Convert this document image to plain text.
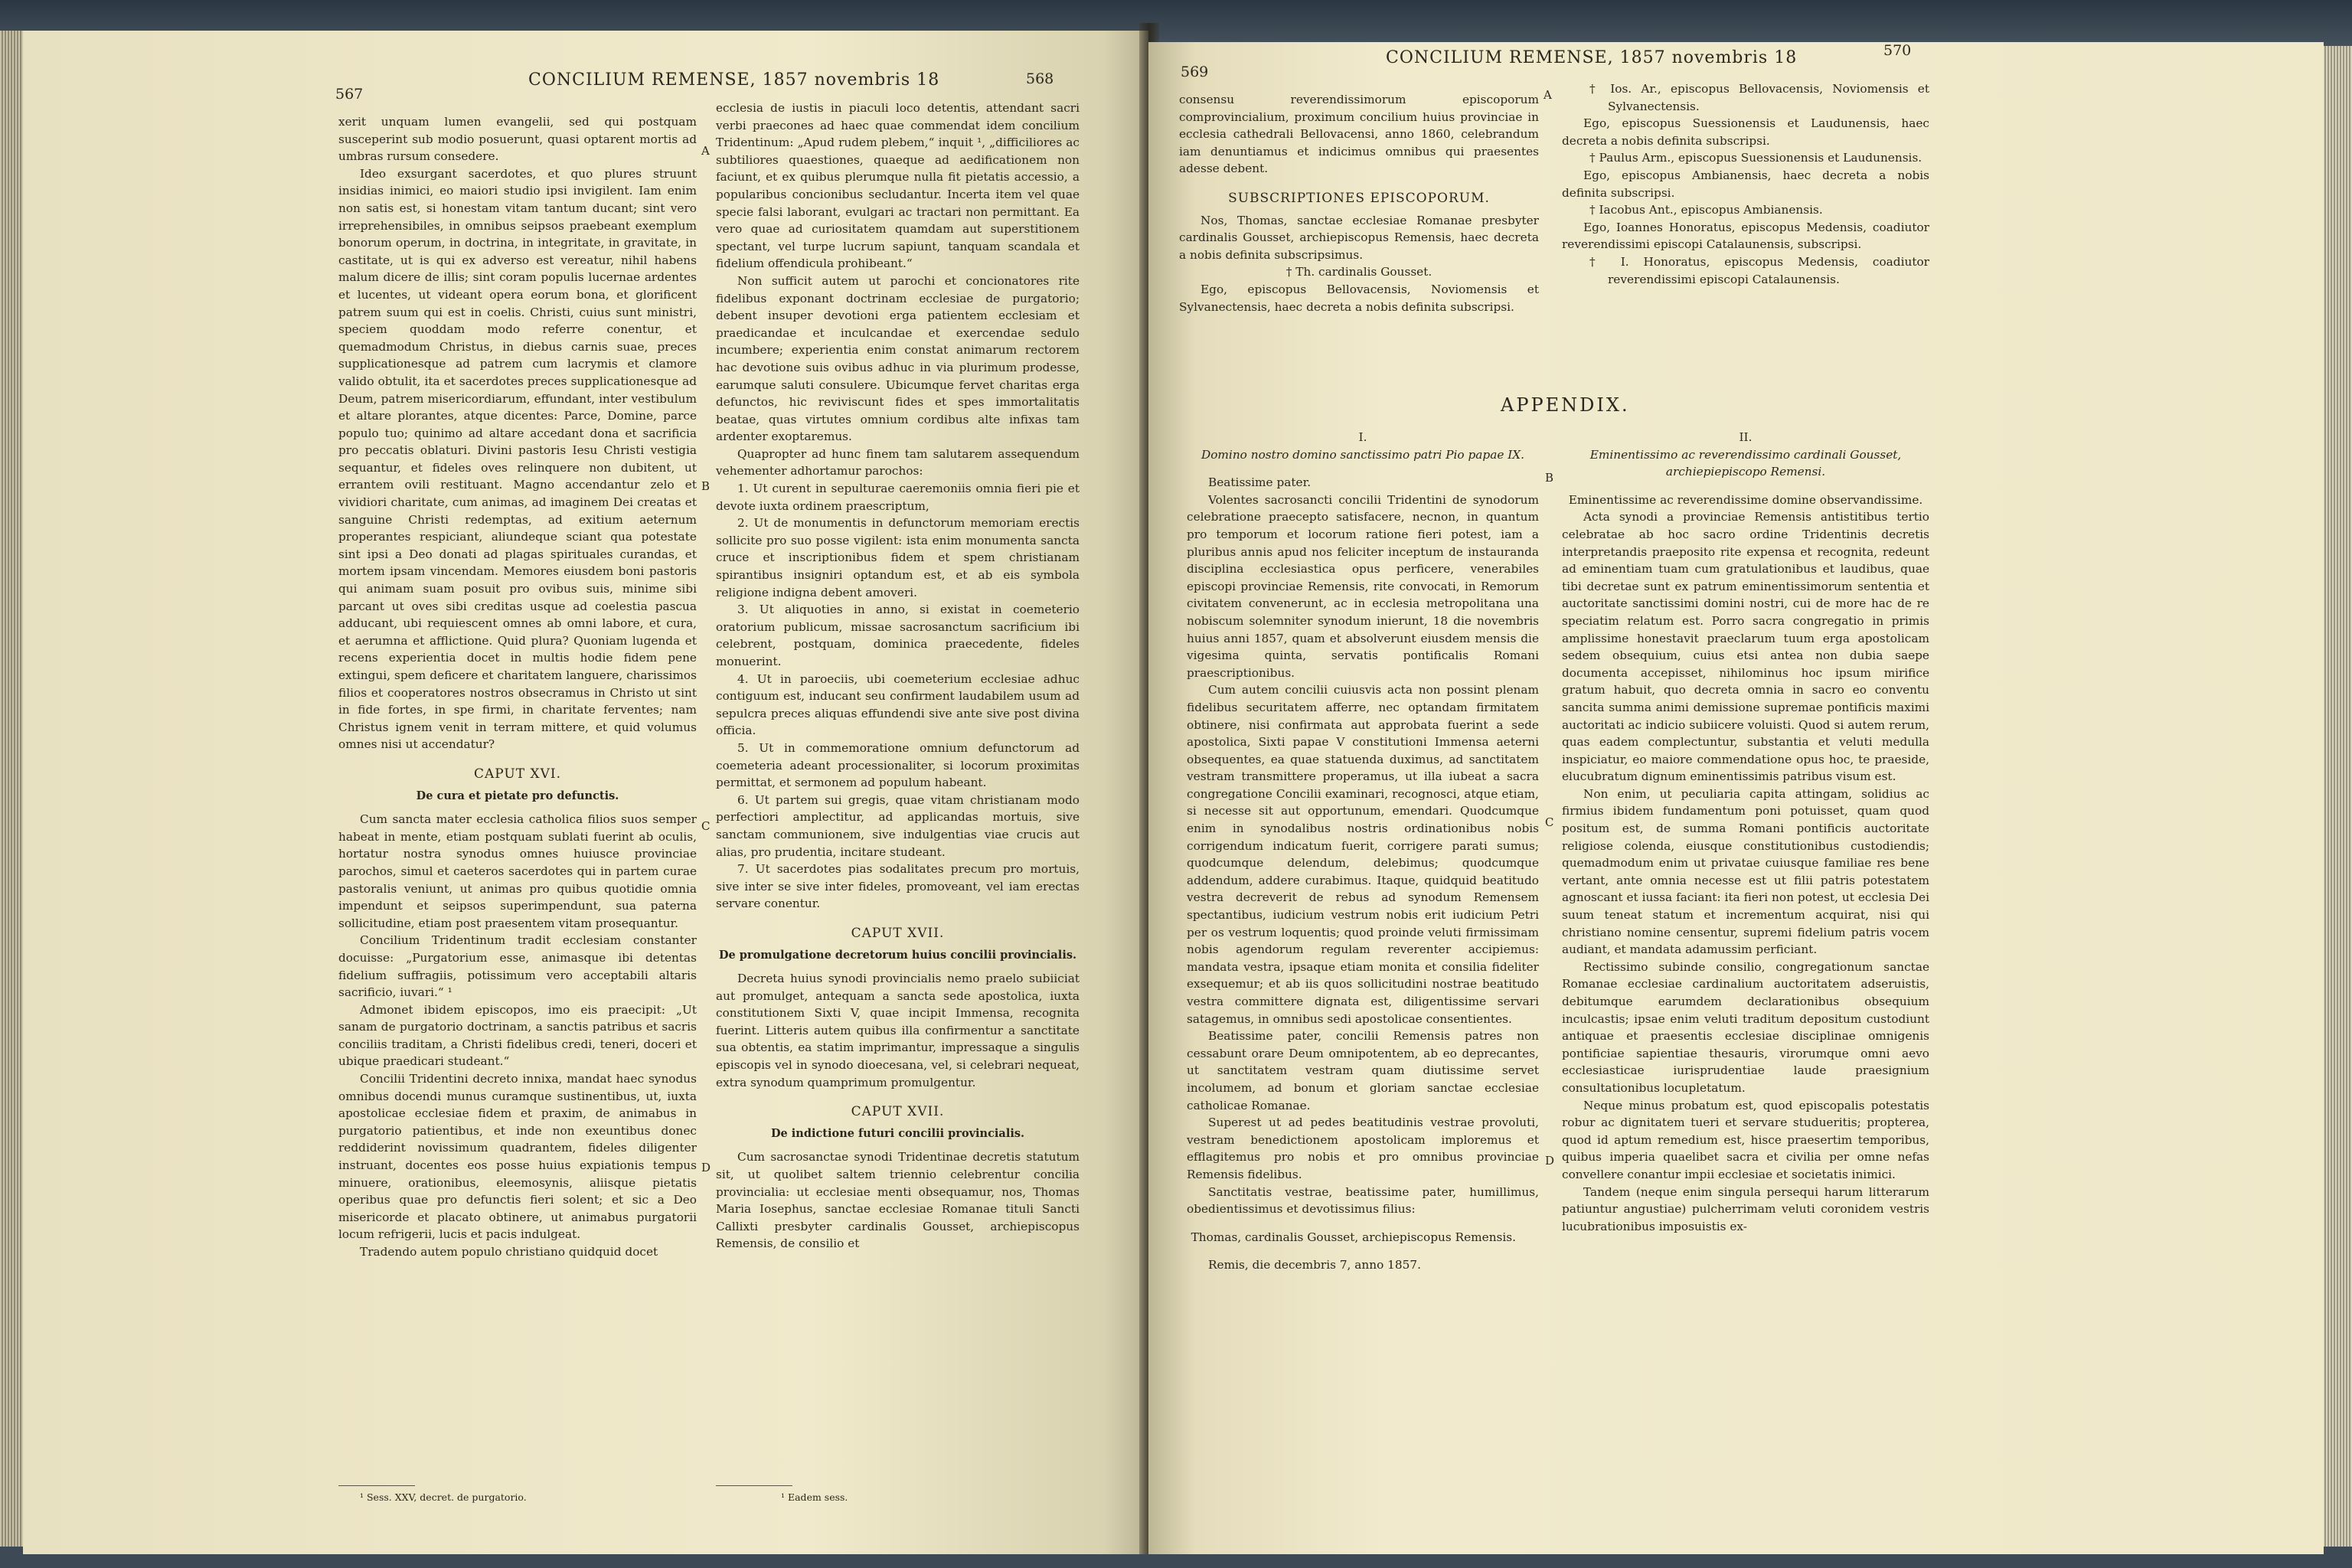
567
CONCILIUM REMENSE, 1857 novembris 18	568

xerit unquam lumen evangelii, sed qui postquam susceperint sub modio posuerunt, quasi optarent mortis ad umbras rursum consedere.

Ideo exsurgant sacerdotes, et quo plures struunt insidias inimici, eo maiori studio ipsi invigilent. Iam enim non satis est, si honestam vitam tantum ducant; sint vero irreprehensibiles, in omnibus seipsos praebeant exemplum bonorum operum, in doctrina, in integritate, in gravitate, in castitate, ut is qui ex adverso est vereatur, nihil habens malum dicere de illis; sint coram populis lucernae ardentes et lucentes, ut videant opera eorum bona, et glorificent patrem suum qui est in coelis. Christi, cuius sunt ministri, speciem quoddam modo referre conentur, et quemadmodum Christus, in diebus carnis suae, preces supplicationesque ad patrem cum lacrymis et clamore valido obtulit, ita et sacerdotes preces supplicationesque ad Deum, patrem misericordiarum, effundant, inter vestibulum et altare plorantes, atque dicentes: Parce, Domine, parce populo tuo; quinimo ad altare accedant dona et sacrificia pro peccatis oblaturi. Divini pastoris Iesu Christi vestigia sequantur, et fideles oves relinquere non dubitent, ut errantem ovili restituant. Magno accendantur zelo et vividiori charitate, cum animas, ad imaginem Dei creatas et sanguine Christi redemptas, ad exitium aeternum properantes respiciant, aliundeque sciant qua potestate sint ipsi a Deo donati ad plagas spirituales curandas, et mortem ipsam vincendam. Memores eiusdem boni pastoris qui animam suam posuit pro ovibus suis, minime sibi parcant ut oves sibi creditas usque ad coelestia pascua adducant, ubi requiescent omnes ab omni labore, et cura, et aerumna et afflictione. Quid plura? Quoniam lugenda et recens experientia docet in multis hodie fidem pene extingui, spem deficere et charitatem languere, charissimos filios et cooperatores nostros obsecramus in Christo ut sint in fide fortes, in spe firmi, in charitate ferventes; nam Christus ignem venit in terram mittere, et quid volumus omnes nisi ut accendatur?

CAPUT XVI.

De cura et pietate pro defunctis.

Cum sancta mater ecclesia catholica filios suos semper habeat in mente, etiam postquam sublati fuerint ab oculis, hortatur nostra synodus omnes huiusce provinciae parochos, simul et caeteros sacerdotes qui in partem curae pastoralis veniunt, ut animas pro quibus quotidie omnia impendunt et seipsos superimpendunt, sua paterna sollicitudine, etiam post praesentem vitam prosequantur.

Concilium Tridentinum tradit ecclesiam constanter docuisse: „Purgatorium esse, animasque ibi detentas fidelium suffragiis, potissimum vero acceptabili altaris sacrificio, iuvari.“ ¹

Admonet ibidem episcopos, imo eis praecipit: „Ut sanam de purgatorio doctrinam, a sanctis patribus et sacris conciliis traditam, a Christi fidelibus credi, teneri, doceri et ubique praedicari studeant.“

Concilii Tridentini decreto innixa, mandat haec synodus omnibus docendi munus curamque sustinentibus, ut, iuxta apostolicae ecclesiae fidem et praxim, de animabus in purgatorio patientibus, et inde non exeuntibus donec reddiderint novissimum quadrantem, fideles diligenter instruant, docentes eos posse huius expiationis tempus minuere, orationibus, eleemosynis, aliisque pietatis operibus quae pro defunctis fieri solent; et sic a Deo misericorde et placato obtinere, ut animabus purgatorii locum refrigerii, lucis et pacis indulgeat.

Tradendo autem populo christiano quidquid docet

¹ Sess. XXV, decret. de purgatorio.

ecclesia de iustis in piaculi loco detentis, attendant sacri verbi praecones ad haec quae commendat idem concilium Tridentinum: „Apud rudem plebem,“ inquit ¹, „difficiliores ac subtiliores quaestiones, quaeque ad aedificationem non faciunt, et ex quibus plerumque nulla fit pietatis accessio, a popularibus concionibus secludantur. Incerta item vel quae specie falsi laborant, evulgari ac tractari non permittant. Ea vero quae ad curiositatem quamdam aut superstitionem spectant, vel turpe lucrum sapiunt, tanquam scandala et fidelium offendicula prohibeant.“

Non sufficit autem ut parochi et concionatores rite fidelibus exponant doctrinam ecclesiae de purgatorio; debent insuper devotioni erga patientem ecclesiam et praedicandae et inculcandae et exercendae sedulo incumbere; experientia enim constat animarum rectorem hac devotione suis ovibus adhuc in via plurimum prodesse, earumque saluti consulere. Ubicumque fervet charitas erga defunctos, hic reviviscunt fides et spes immortalitatis beatae, quas virtutes omnium cordibus alte infixas tam ardenter exoptaremus.

Quapropter ad hunc finem tam salutarem assequendum vehementer adhortamur parochos:

1. Ut curent in sepulturae caeremoniis omnia fieri pie et devote iuxta ordinem praescriptum,

2. Ut de monumentis in defunctorum memoriam erectis sollicite pro suo posse vigilent: ista enim monumenta sancta cruce et inscriptionibus fidem et spem christianam spirantibus insigniri optandum est, et ab eis symbola religione indigna debent amoveri.

3. Ut aliquoties in anno, si existat in coemeterio oratorium publicum, missae sacrosanctum sacrificium ibi celebrent, postquam, dominica praecedente, fideles monuerint.

4. Ut in paroeciis, ubi coemeterium ecclesiae adhuc contiguum est, inducant seu confirment laudabilem usum ad sepulcra preces aliquas effundendi sive ante sive post divina officia.

5. Ut in commemoratione omnium defunctorum ad coemeteria adeant processionaliter, si locorum proximitas permittat, et sermonem ad populum habeant.

6. Ut partem sui gregis, quae vitam christianam modo perfectiori amplectitur, ad applicandas mortuis, sive sanctam communionem, sive indulgentias viae crucis aut alias, pro prudentia, incitare studeant.

7. Ut sacerdotes pias sodalitates precum pro mortuis, sive inter se sive inter fideles, promoveant, vel iam erectas servare conentur.

CAPUT XVII.

De promulgatione decretorum huius concilii provincialis.

Decreta huius synodi provincialis nemo praelo subiiciat aut promulget, antequam a sancta sede apostolica, iuxta constitutionem Sixti V, quae incipit Immensa, recognita fuerint. Litteris autem quibus illa confirmentur a sanctitate sua obtentis, ea statim imprimantur, impressaque a singulis episcopis vel in synodo dioecesana, vel, si celebrari nequeat, extra synodum quamprimum promulgentur.

CAPUT XVII.

De indictione futuri concilii provincialis.

Cum sacrosanctae synodi Tridentinae decretis statutum sit, ut quolibet saltem triennio celebrentur concilia provincialia: ut ecclesiae menti obsequamur, nos, Thomas Maria Iosephus, sanctae ecclesiae Romanae tituli Sancti Callixti presbyter cardinalis Gousset, archiepiscopus Remensis, de consilio et

¹ Eadem sess.
A
B
C
D
569
CONCILIUM REMENSE, 1857 novembris 18	570

consensu reverendissimorum episcoporum comprovincialium, proximum concilium huius provinciae in ecclesia cathedrali Bellovacensi, anno 1860, celebrandum iam denuntiamus et indicimus omnibus qui praesentes adesse debent.

SUBSCRIPTIONES EPISCOPORUM.

Nos, Thomas, sanctae ecclesiae Romanae presbyter cardinalis Gousset, archiepiscopus Remensis, haec decreta a nobis definita subscripsimus.

† Th. cardinalis Gousset.

Ego, episcopus Bellovacensis, Noviomensis et Sylvanectensis, haec decreta a nobis definita subscripsi.

† Ios. Ar., episcopus Bellovacensis, Noviomensis et Sylvanectensis.

Ego, episcopus Suessionensis et Laudunensis, haec decreta a nobis definita subscripsi.

† Paulus Arm., episcopus Suessionensis et Laudunensis.

Ego, episcopus Ambianensis, haec decreta a nobis definita subscripsi.

† Iacobus Ant., episcopus Ambianensis.

Ego, Ioannes Honoratus, episcopus Medensis, coadiutor reverendissimi episcopi Catalaunensis, subscripsi.

† I. Honoratus, episcopus Medensis, coadiutor reverendissimi episcopi Catalaunensis.

A
APPENDIX.

I.

Domino nostro domino sanctissimo patri Pio papae IX.

Beatissime pater.

Volentes sacrosancti concilii Tridentini de synodorum celebratione praecepto satisfacere, necnon, in quantum pro temporum et locorum ratione fieri potest, iam a pluribus annis apud nos feliciter inceptum de instauranda disciplina ecclesiastica opus perficere, venerabiles episcopi provinciae Remensis, rite convocati, in Remorum civitatem convenerunt, ac in ecclesia metropolitana una nobiscum solemniter synodum inierunt, 18 die novembris huius anni 1857, quam et absolverunt eiusdem mensis die vigesima quinta, servatis pontificalis Romani praescriptionibus.

Cum autem concilii cuiusvis acta non possint plenam fidelibus securitatem afferre, nec optandam firmitatem obtinere, nisi confirmata aut approbata fuerint a sede apostolica, Sixti papae V constitutioni Immensa aeterni obsequentes, ea quae statuenda duximus, ad sanctitatem vestram transmittere properamus, ut illa iubeat a sacra congregatione Concilii examinari, recognosci, atque etiam, si necesse sit aut opportunum, emendari. Quodcumque enim in synodalibus nostris ordinationibus nobis corrigendum indicatum fuerit, corrigere parati sumus; quodcumque delendum, delebimus; quodcumque addendum, addere curabimus. Itaque, quidquid beatitudo vestra decreverit de rebus ad synodum Remensem spectantibus, iudicium vestrum nobis erit iudicium Petri per os vestrum loquentis; quod proinde veluti firmissimam nobis agendorum regulam reverenter accipiemus: mandata vestra, ipsaque etiam monita et consilia fideliter exsequemur; et ab iis quos sollicitudini nostrae beatitudo vestra committere dignata est, diligentissime servari satagemus, in omnibus sedi apostolicae consentientes.

Beatissime pater, concilii Remensis patres non cessabunt orare Deum omnipotentem, ab eo deprecantes, ut sanctitatem vestram quam diutissime servet incolumem, ad bonum et gloriam sanctae ecclesiae catholicae Romanae.

Superest ut ad pedes beatitudinis vestrae provoluti, vestram benedictionem apostolicam imploremus et efflagitemus pro nobis et pro omnibus provinciae Remensis fidelibus.

Sanctitatis vestrae, beatissime pater, humillimus, obedientissimus et devotissimus filius:

Thomas, cardinalis Gousset, archiepiscopus Remensis.

Remis, die decembris 7, anno 1857.

II.

Eminentissimo ac reverendissimo cardinali Gousset, archiepiepiscopo Remensi.

Eminentissime ac reverendissime domine observandissime.

Acta synodi a provinciae Remensis antistitibus tertio celebratae ab hoc sacro ordine Tridentinis decretis interpretandis praeposito rite expensa et recognita, redeunt ad eminentiam tuam cum gratulationibus et laudibus, quae tibi decretae sunt ex patrum eminentissimorum sententia et auctoritate sanctissimi domini nostri, cui de more hac de re speciatim relatum est. Porro sacra congregatio in primis amplissime honestavit praeclarum tuum erga apostolicam sedem obsequium, cuius etsi antea non dubia saepe documenta accepisset, nihilominus hoc ipsum mirifice gratum habuit, quo decreta omnia in sacro eo conventu sancita summa animi demissione supremae pontificis maximi auctoritati ac indicio subiicere voluisti. Quod si autem rerum, quas eadem complectuntur, substantia et veluti medulla inspiciatur, eo maiore commendatione opus hoc, te praeside, elucubratum dignum eminentissimis patribus visum est.

Non enim, ut peculiaria capita attingam, solidius ac firmius ibidem fundamentum poni potuisset, quam quod positum est, de summa Romani pontificis auctoritate religiose colenda, eiusque constitutionibus custodiendis; quemadmodum enim ut privatae cuiusque familiae res bene vertant, ante omnia necesse est ut filii patris potestatem agnoscant et iussa faciant: ita fieri non potest, ut ecclesia Dei suum teneat statum et incrementum acquirat, nisi qui christiano nomine censentur, supremi fidelium patris vocem audiant, et mandata adamussim perficiant.

Rectissimo subinde consilio, congregationum sanctae Romanae ecclesiae cardinalium auctoritatem adseruistis, debitumque earumdem declarationibus obsequium inculcastis; ipsae enim veluti traditum depositum custodiunt antiquae et praesentis ecclesiae disciplinae omnigenis pontificiae sapientiae thesauris, virorumque omni aevo ecclesiasticae iurisprudentiae laude praesignium consultationibus locupletatum.

Neque minus probatum est, quod episcopalis potestatis robur ac dignitatem tueri et servare studueritis; propterea, quod id aptum remedium est, hisce praesertim temporibus, quibus imperia quaelibet sacra et civilia per omne nefas convellere conantur impii ecclesiae et societatis inimici.

Tandem (neque enim singula persequi harum litterarum patiuntur angustiae) pulcherrimam veluti coronidem vestris lucubrationibus imposuistis ex-

B
C
D
